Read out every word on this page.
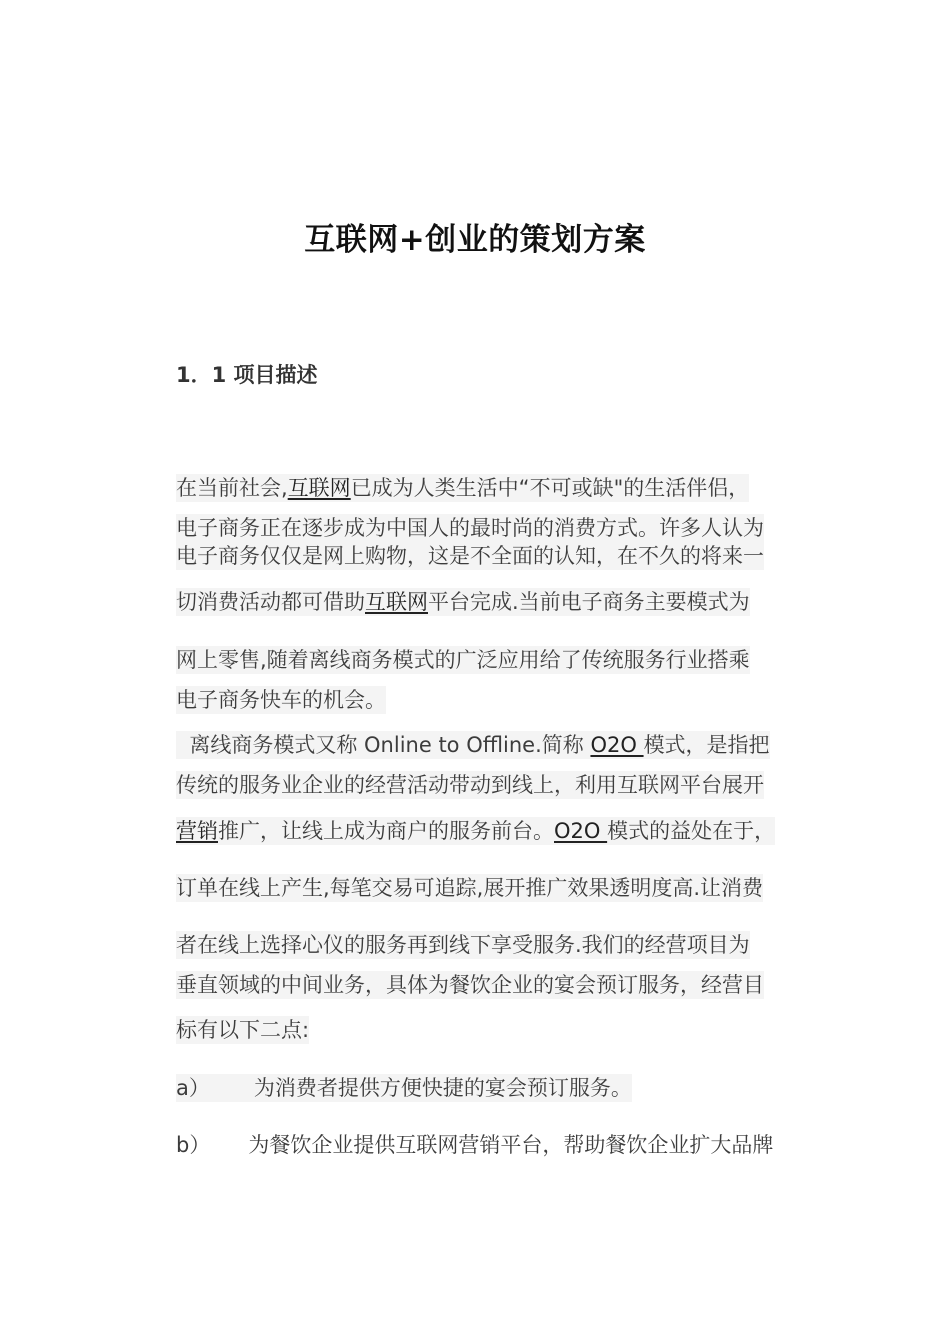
互联网+创业的策划方案
1．1 项目描述
在当前社会,互联网已成为人类生活中“不可或缺"的生活伴侣，
电子商务正在逐步成为中国人的最时尚的消费方式。许多人认为
电子商务仅仅是网上购物，这是不全面的认知，在不久的将来一
切消费活动都可借助互联网平台完成.当前电子商务主要模式为
网上零售,随着离线商务模式的广泛应用给了传统服务行业搭乘
电子商务快车的机会。
离线商务模式又称 Online to Offline.简称 O2O 模式，是指把
传统的服务业企业的经营活动带动到线上，利用互联网平台展开
营销推广，让线上成为商户的服务前台。O2O 模式的益处在于，
订单在线上产生,每笔交易可追踪,展开推广效果透明度高.让消费
者在线上选择心仪的服务再到线下享受服务.我们的经营项目为
垂直领域的中间业务，具体为餐饮企业的宴会预订服务，经营目
标有以下二点:
a） 为消费者提供方便快捷的宴会预订服务。
b） 为餐饮企业提供互联网营销平台，帮助餐饮企业扩大品牌
